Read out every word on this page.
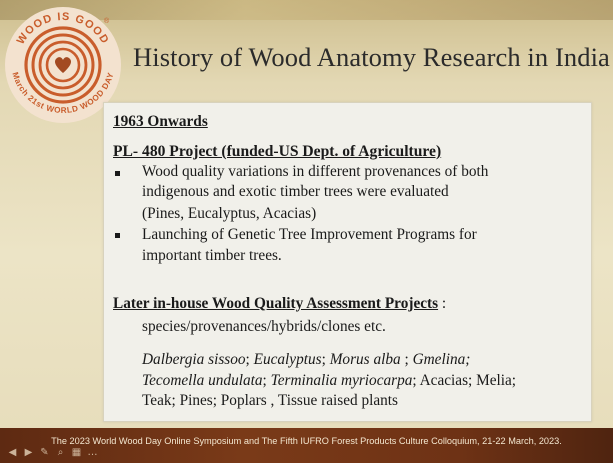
WOOD IS GOOD
March 21st WORLD WOOD DAY
®
History of Wood Anatomy Research in India
1963 Onwards
PL- 480 Project (funded-US Dept. of Agriculture)
Wood quality variations in different provenances of both
indigenous and exotic timber trees were evaluated
(Pines, Eucalyptus, Acacias)
Launching of Genetic Tree Improvement Programs for
important timber trees.
Later in-house Wood Quality Assessment Projects :
species/provenances/hybrids/clones etc.
Dalbergia sissoo; Eucalyptus; Morus alba ; Gmelina;
Tecomella undulata; Terminalia myriocarpa; Acacias; Melia;
Teak; Pines; Poplars , Tissue raised plants
The 2023 World Wood Day Online Symposium and The Fifth IUFRO Forest Products Culture Colloquium, 21-22 March, 2023.
◀ ▶ ✎ ⌕ ▦ …
